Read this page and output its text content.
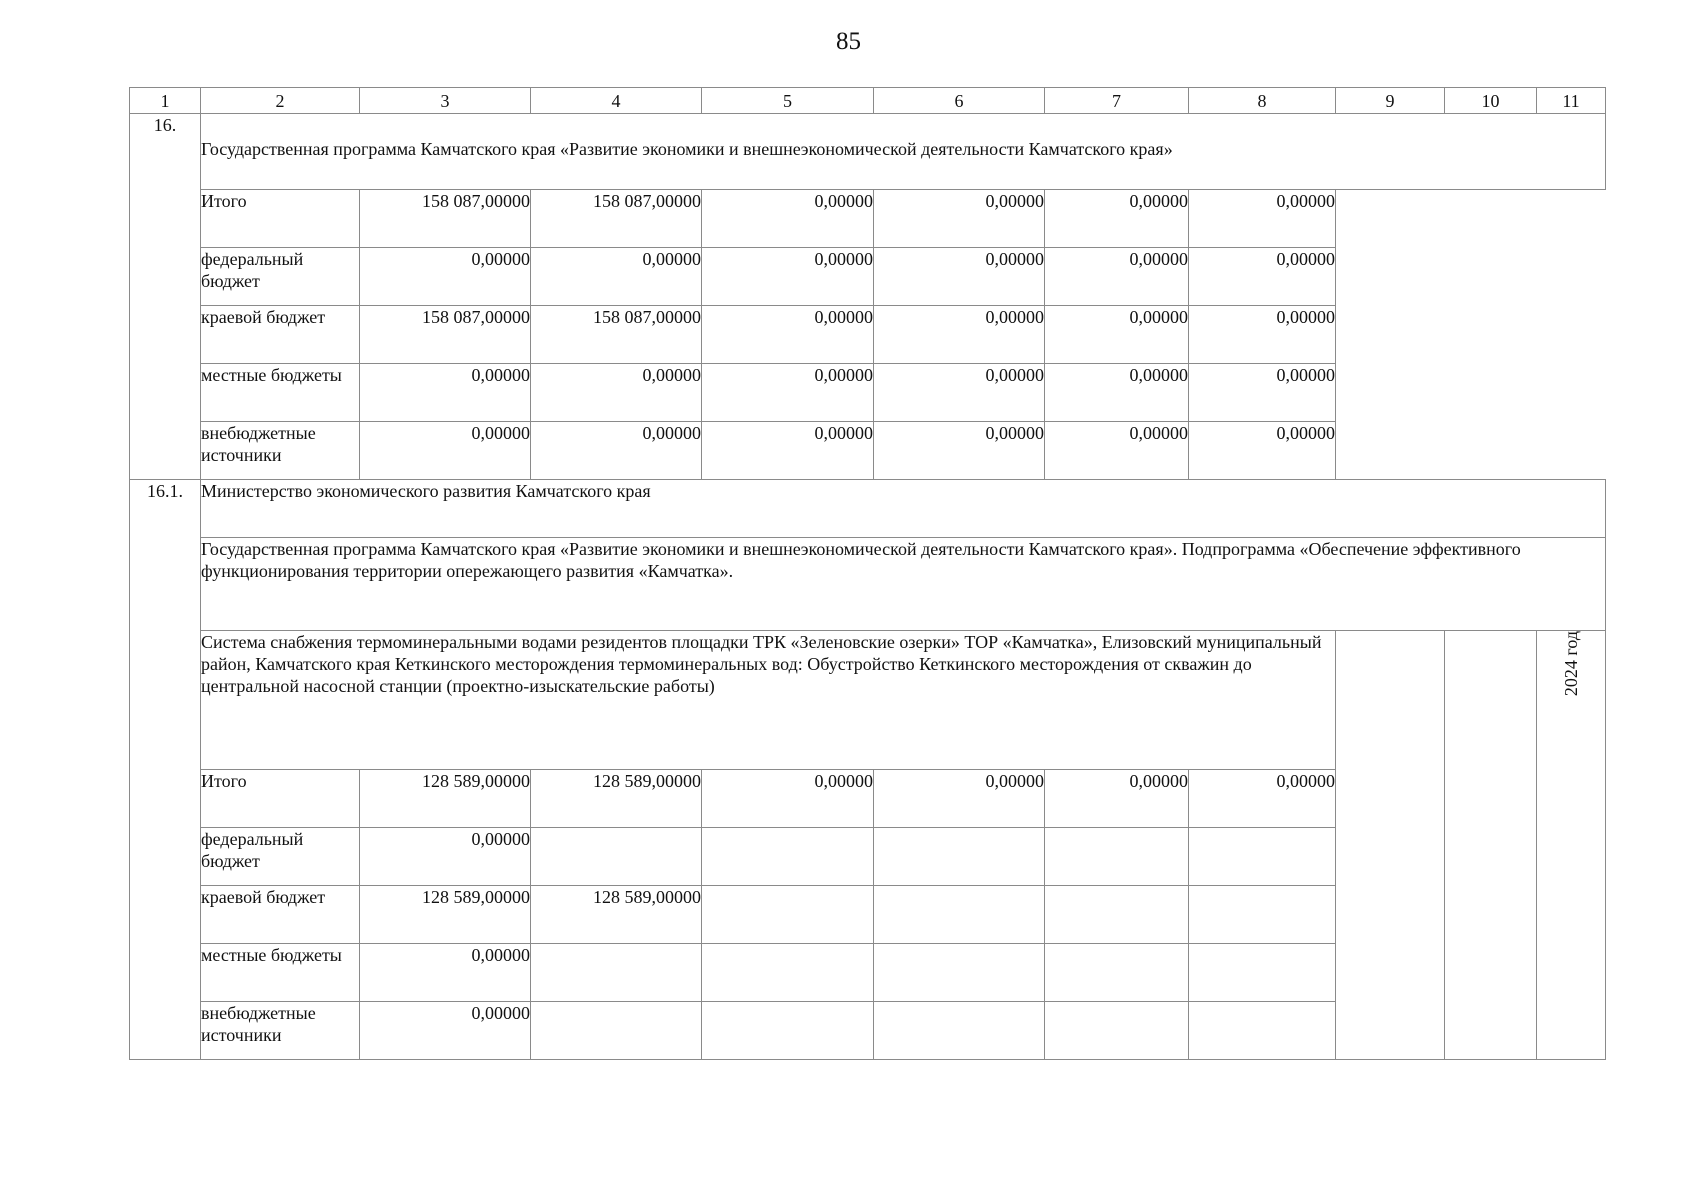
85
1	2	3	4	5	6	7	8	9	10	11
16.	Государственная программа Камчатского края «Развитие экономики и внешнеэкономической деятельности Камчатского края»									
	Итого	158 087,00000	158 087,00000	0,00000	0,00000	0,00000	0,00000			
	федеральный бюджет	0,00000	0,00000	0,00000	0,00000	0,00000	0,00000			
	краевой бюджет	158 087,00000	158 087,00000	0,00000	0,00000	0,00000	0,00000			
	местные бюджеты	0,00000	0,00000	0,00000	0,00000	0,00000	0,00000			
	внебюджетные источники	0,00000	0,00000	0,00000	0,00000	0,00000	0,00000			
16.1.	Министерство экономического развития Камчатского края									
	Государственная программа Камчатского края «Развитие экономики и внешнеэкономической деятельности Камчатского края». Подпрограмма «Обеспечение эффективного функционирования территории опережающего развития «Камчатка».									
	Система снабжения термоминеральными водами резидентов площадки ТРК «Зеленовские озерки» ТОР «Камчатка», Елизовский муниципальный район, Камчатского края Кеткинского месторождения термоминеральных вод: Обустройство Кеткинского месторождения от скважин до центральной насосной станции (проектно-изыскательские работы)									2024 год
	Итого	128 589,00000	128 589,00000	0,00000	0,00000	0,00000	0,00000			
	федеральный бюджет	0,00000								
	краевой бюджет	128 589,00000	128 589,00000							
	местные бюджеты	0,00000								
	внебюджетные источники	0,00000								
